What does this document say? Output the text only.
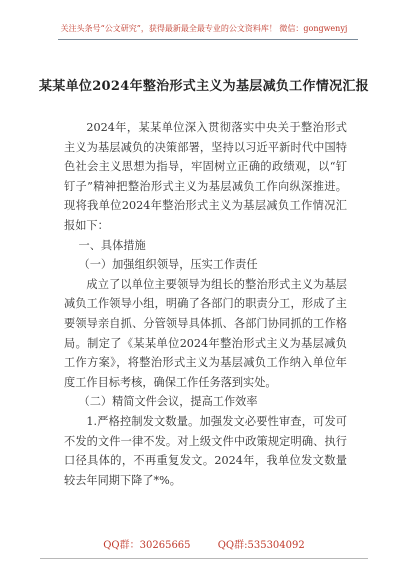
关注头条号“公文研究”，获得最新最全最专业的公文资料库！ 微信：gongwenyj
某某单位2024年整治形式主义为基层减负工作情况汇报

2024年，某某单位深入贯彻落实中央关于整治形式主义为基层减负的决策部署，坚持以习近平新时代中国特色社会主义思想为指导，牢固树立正确的政绩观，以“钉钉子”精神把整治形式主义为基层减负工作向纵深推进。现将我单位2024年整治形式主义为基层减负工作情况汇报如下：

一、具体措施

（一）加强组织领导，压实工作责任

成立了以单位主要领导为组长的整治形式主义为基层减负工作领导小组，明确了各部门的职责分工，形成了主要领导亲自抓、分管领导具体抓、各部门协同抓的工作格局。制定了《某某单位2024年整治形式主义为基层减负工作方案》，将整治形式主义为基层减负工作纳入单位年度工作目标考核，确保工作任务落到实处。

（二）精简文件会议，提高工作效率

1.严格控制发文数量。加强发文必要性审查，可发可不发的文件一律不发。对上级文件中政策规定明确、执行口径具体的，不再重复发文。2024年，我单位发文数量较去年同期下降了*%。

QQ群：30265665	QQ群:535304092
